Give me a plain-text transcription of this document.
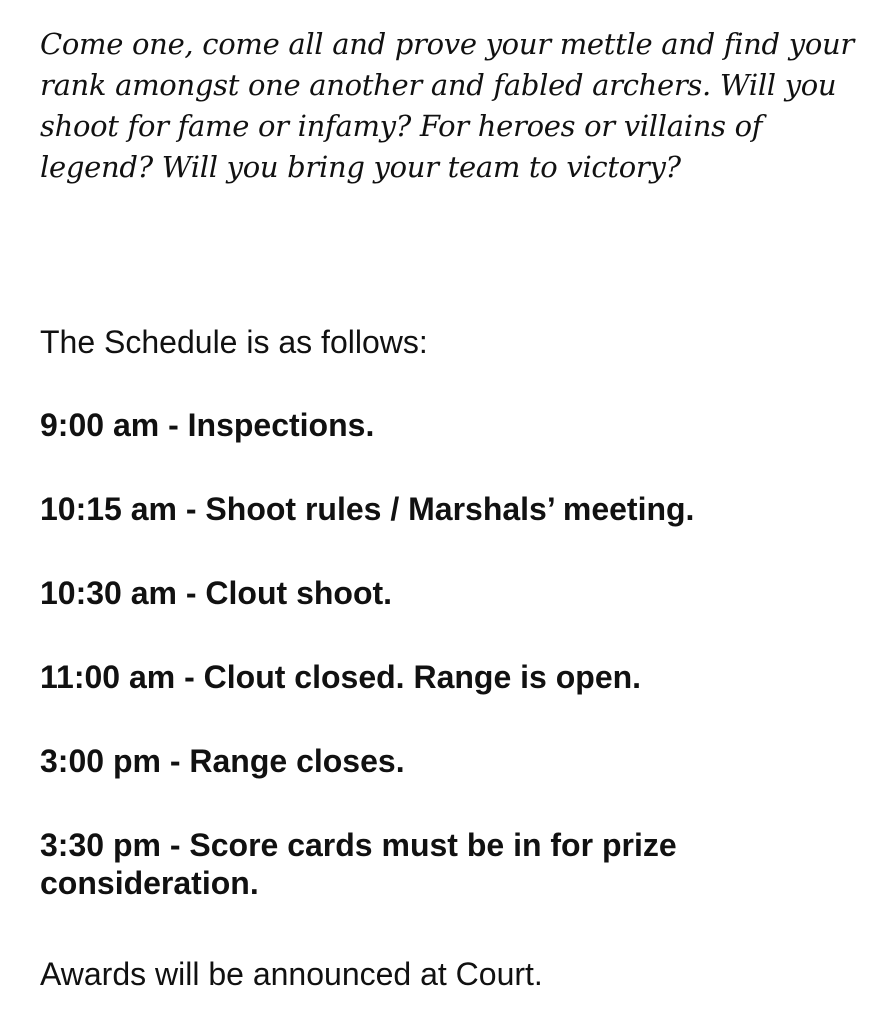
Come one, come all and prove your mettle and find your rank amongst one another and fabled archers. Will you shoot for fame or infamy? For heroes or villains of legend? Will you bring your team to victory?

The Schedule is as follows:

9:00 am - Inspections.
10:15 am - Shoot rules / Marshals’ meeting.
10:30 am - Clout shoot.
11:00 am - Clout closed. Range is open.
3:00 pm - Range closes.
3:30 pm - Score cards must be in for prize consideration.

Awards will be announced at Court.
